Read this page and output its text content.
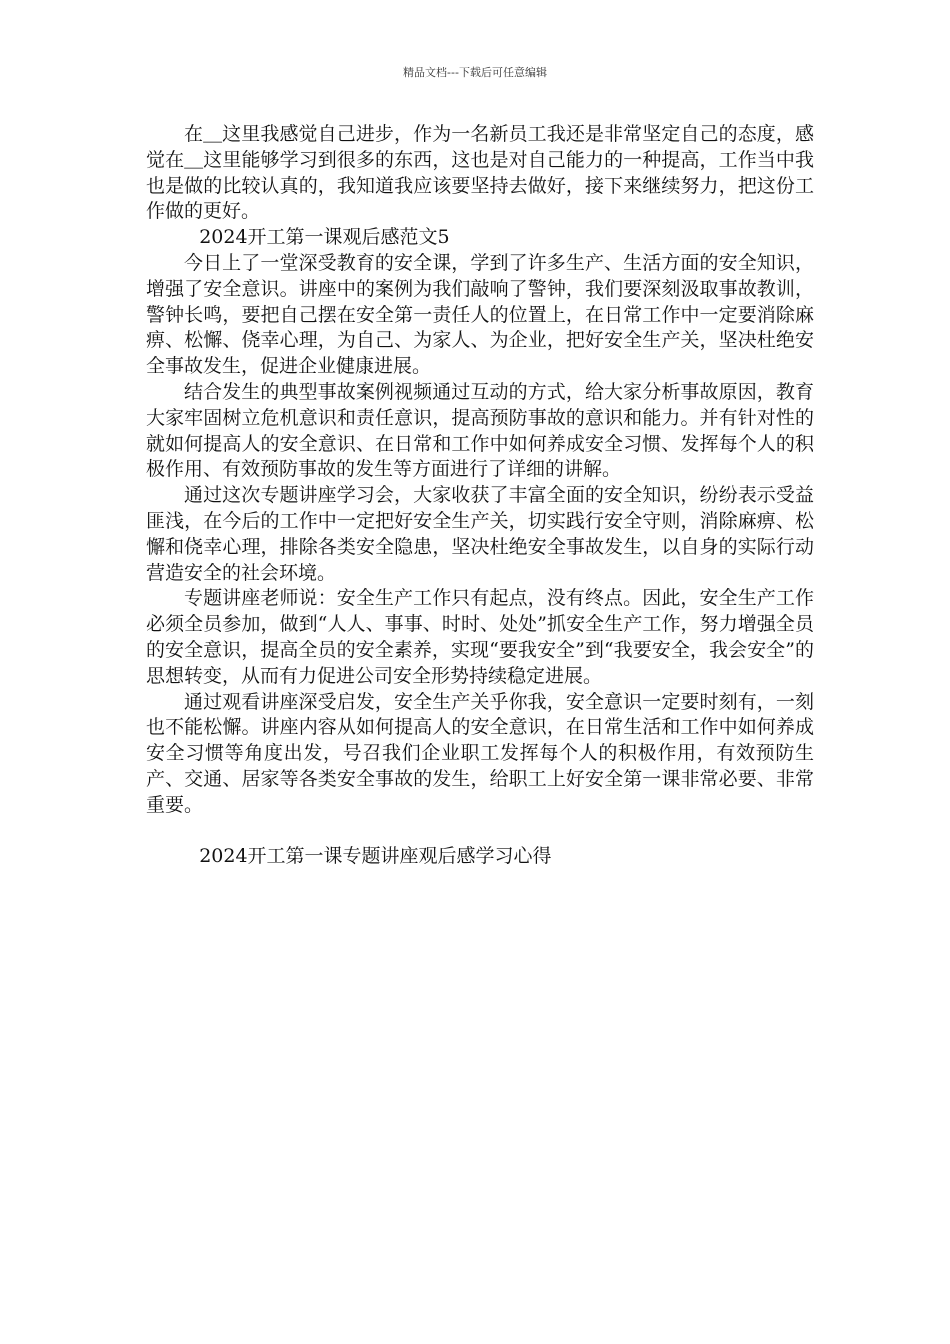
精品文档---下载后可任意编辑

在＿这里我感觉自己进步，作为一名新员工我还是非常坚定自己的态度，感觉在＿这里能够学习到很多的东西，这也是对自己能力的一种提高，工作当中我也是做的比较认真的，我知道我应该要坚持去做好，接下来继续努力，把这份工作做的更好。

2024开工第一课观后感范文5

今日上了一堂深受教育的安全课，学到了许多生产、生活方面的安全知识，增强了安全意识。讲座中的案例为我们敲响了警钟，我们要深刻汲取事故教训，警钟长鸣，要把自己摆在安全第一责任人的位置上，在日常工作中一定要消除麻痹、松懈、侥幸心理，为自己、为家人、为企业，把好安全生产关，坚决杜绝安全事故发生，促进企业健康进展。

结合发生的典型事故案例视频通过互动的方式，给大家分析事故原因，教育大家牢固树立危机意识和责任意识，提高预防事故的意识和能力。并有针对性的就如何提高人的安全意识、在日常和工作中如何养成安全习惯、发挥每个人的积极作用、有效预防事故的发生等方面进行了详细的讲解。

通过这次专题讲座学习会，大家收获了丰富全面的安全知识，纷纷表示受益匪浅，在今后的工作中一定把好安全生产关，切实践行安全守则，消除麻痹、松懈和侥幸心理，排除各类安全隐患，坚决杜绝安全事故发生，以自身的实际行动营造安全的社会环境。

专题讲座老师说：安全生产工作只有起点，没有终点。因此，安全生产工作必须全员参加，做到“人人、事事、时时、处处”抓安全生产工作，努力增强全员的安全意识，提高全员的安全素养，实现“要我安全”到“我要安全，我会安全”的思想转变，从而有力促进公司安全形势持续稳定进展。

通过观看讲座深受启发，安全生产关乎你我，安全意识一定要时刻有，一刻也不能松懈。讲座内容从如何提高人的安全意识，在日常生活和工作中如何养成安全习惯等角度出发，号召我们企业职工发挥每个人的积极作用，有效预防生产、交通、居家等各类安全事故的发生，给职工上好安全第一课非常必要、非常重要。

2024开工第一课专题讲座观后感学习心得
